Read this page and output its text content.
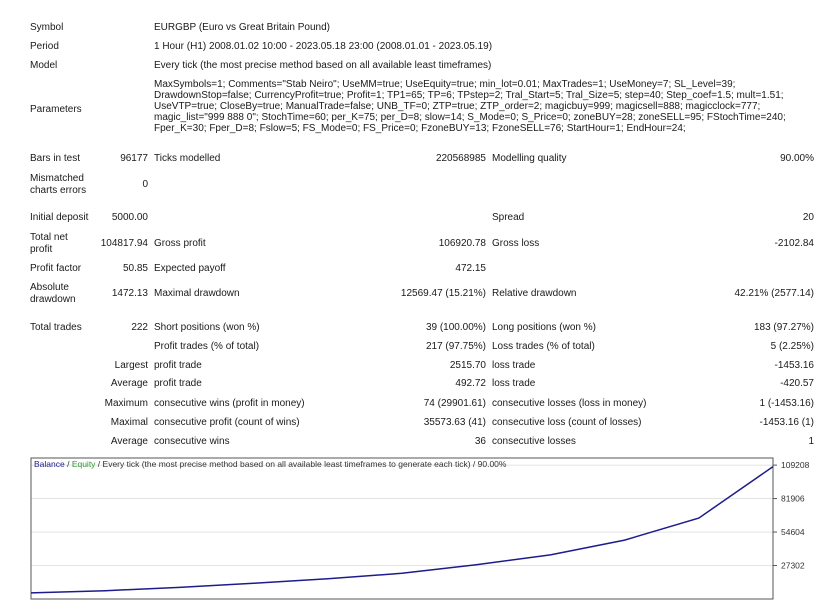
Symbol	EURGBP (Euro vs Great Britain Pound)
Period	1 Hour (H1) 2008.01.02 10:00 - 2023.05.18 23:00 (2008.01.01 - 2023.05.19)
Model	Every tick (the most precise method based on all available least timeframes)
Parameters
MaxSymbols=1; Comments="Stab Neiro"; UseMM=true; UseEquity=true; min_lot=0.01; MaxTrades=1; UseMoney=7; SL_Level=39; DrawdownStop=false; CurrencyProfit=true; Profit=1; TP1=65; TP=6; TPstep=2; Tral_Start=5; Tral_Size=5; step=40; Step_coef=1.5; mult=1.51; UseVTP=true; CloseBy=true; ManualTrade=false; UNB_TF=0; ZTP=true; ZTP_order=2; magicbuy=999; magicsell=888; magicclock=777; magic_list="999 888 0"; StochTime=60; per_K=75; per_D=8; slow=14; S_Mode=0; S_Price=0; zoneBUY=28; zoneSELL=95; FStochTime=240; Fper_K=30; Fper_D=8; Fslow=5; FS_Mode=0; FS_Price=0; FzoneBUY=13; FzoneSELL=76; StartHour=1; EndHour=24;
Bars in test	96177 Ticks modelled	220568985 Modelling quality	90.00%
Mismatched
charts errors
0
Initial deposit	5000.00	Spread	20
Total net
profit
104817.94 Gross profit	106920.78 Gross loss	-2102.84
Profit factor	50.85 Expected payoff	472.15
Absolute
drawdown
1472.13 Maximal drawdown	12569.47 (15.21%) Relative drawdown	42.21% (2577.14)
Total trades	222 Short positions (won %)	39 (100.00%) Long positions (won %)	183 (97.27%)
Profit trades (% of total)	217 (97.75%) Loss trades (% of total)	5 (2.25%)
Largest profit trade	2515.70 loss trade	-1453.16
Average profit trade	492.72 loss trade	-420.57
Maximum consecutive wins (profit in money)	74 (29901.61) consecutive losses (loss in money)	1 (-1453.16)
Maximal consecutive profit (count of wins)	35573.63 (41) consecutive loss (count of losses)	-1453.16 (1)
Average consecutive wins	36 consecutive losses	1
109208
81906
54604
27302
Balance / Equity / Every tick (the most precise method based on all available least timeframes to generate each tick) / 90.00%
